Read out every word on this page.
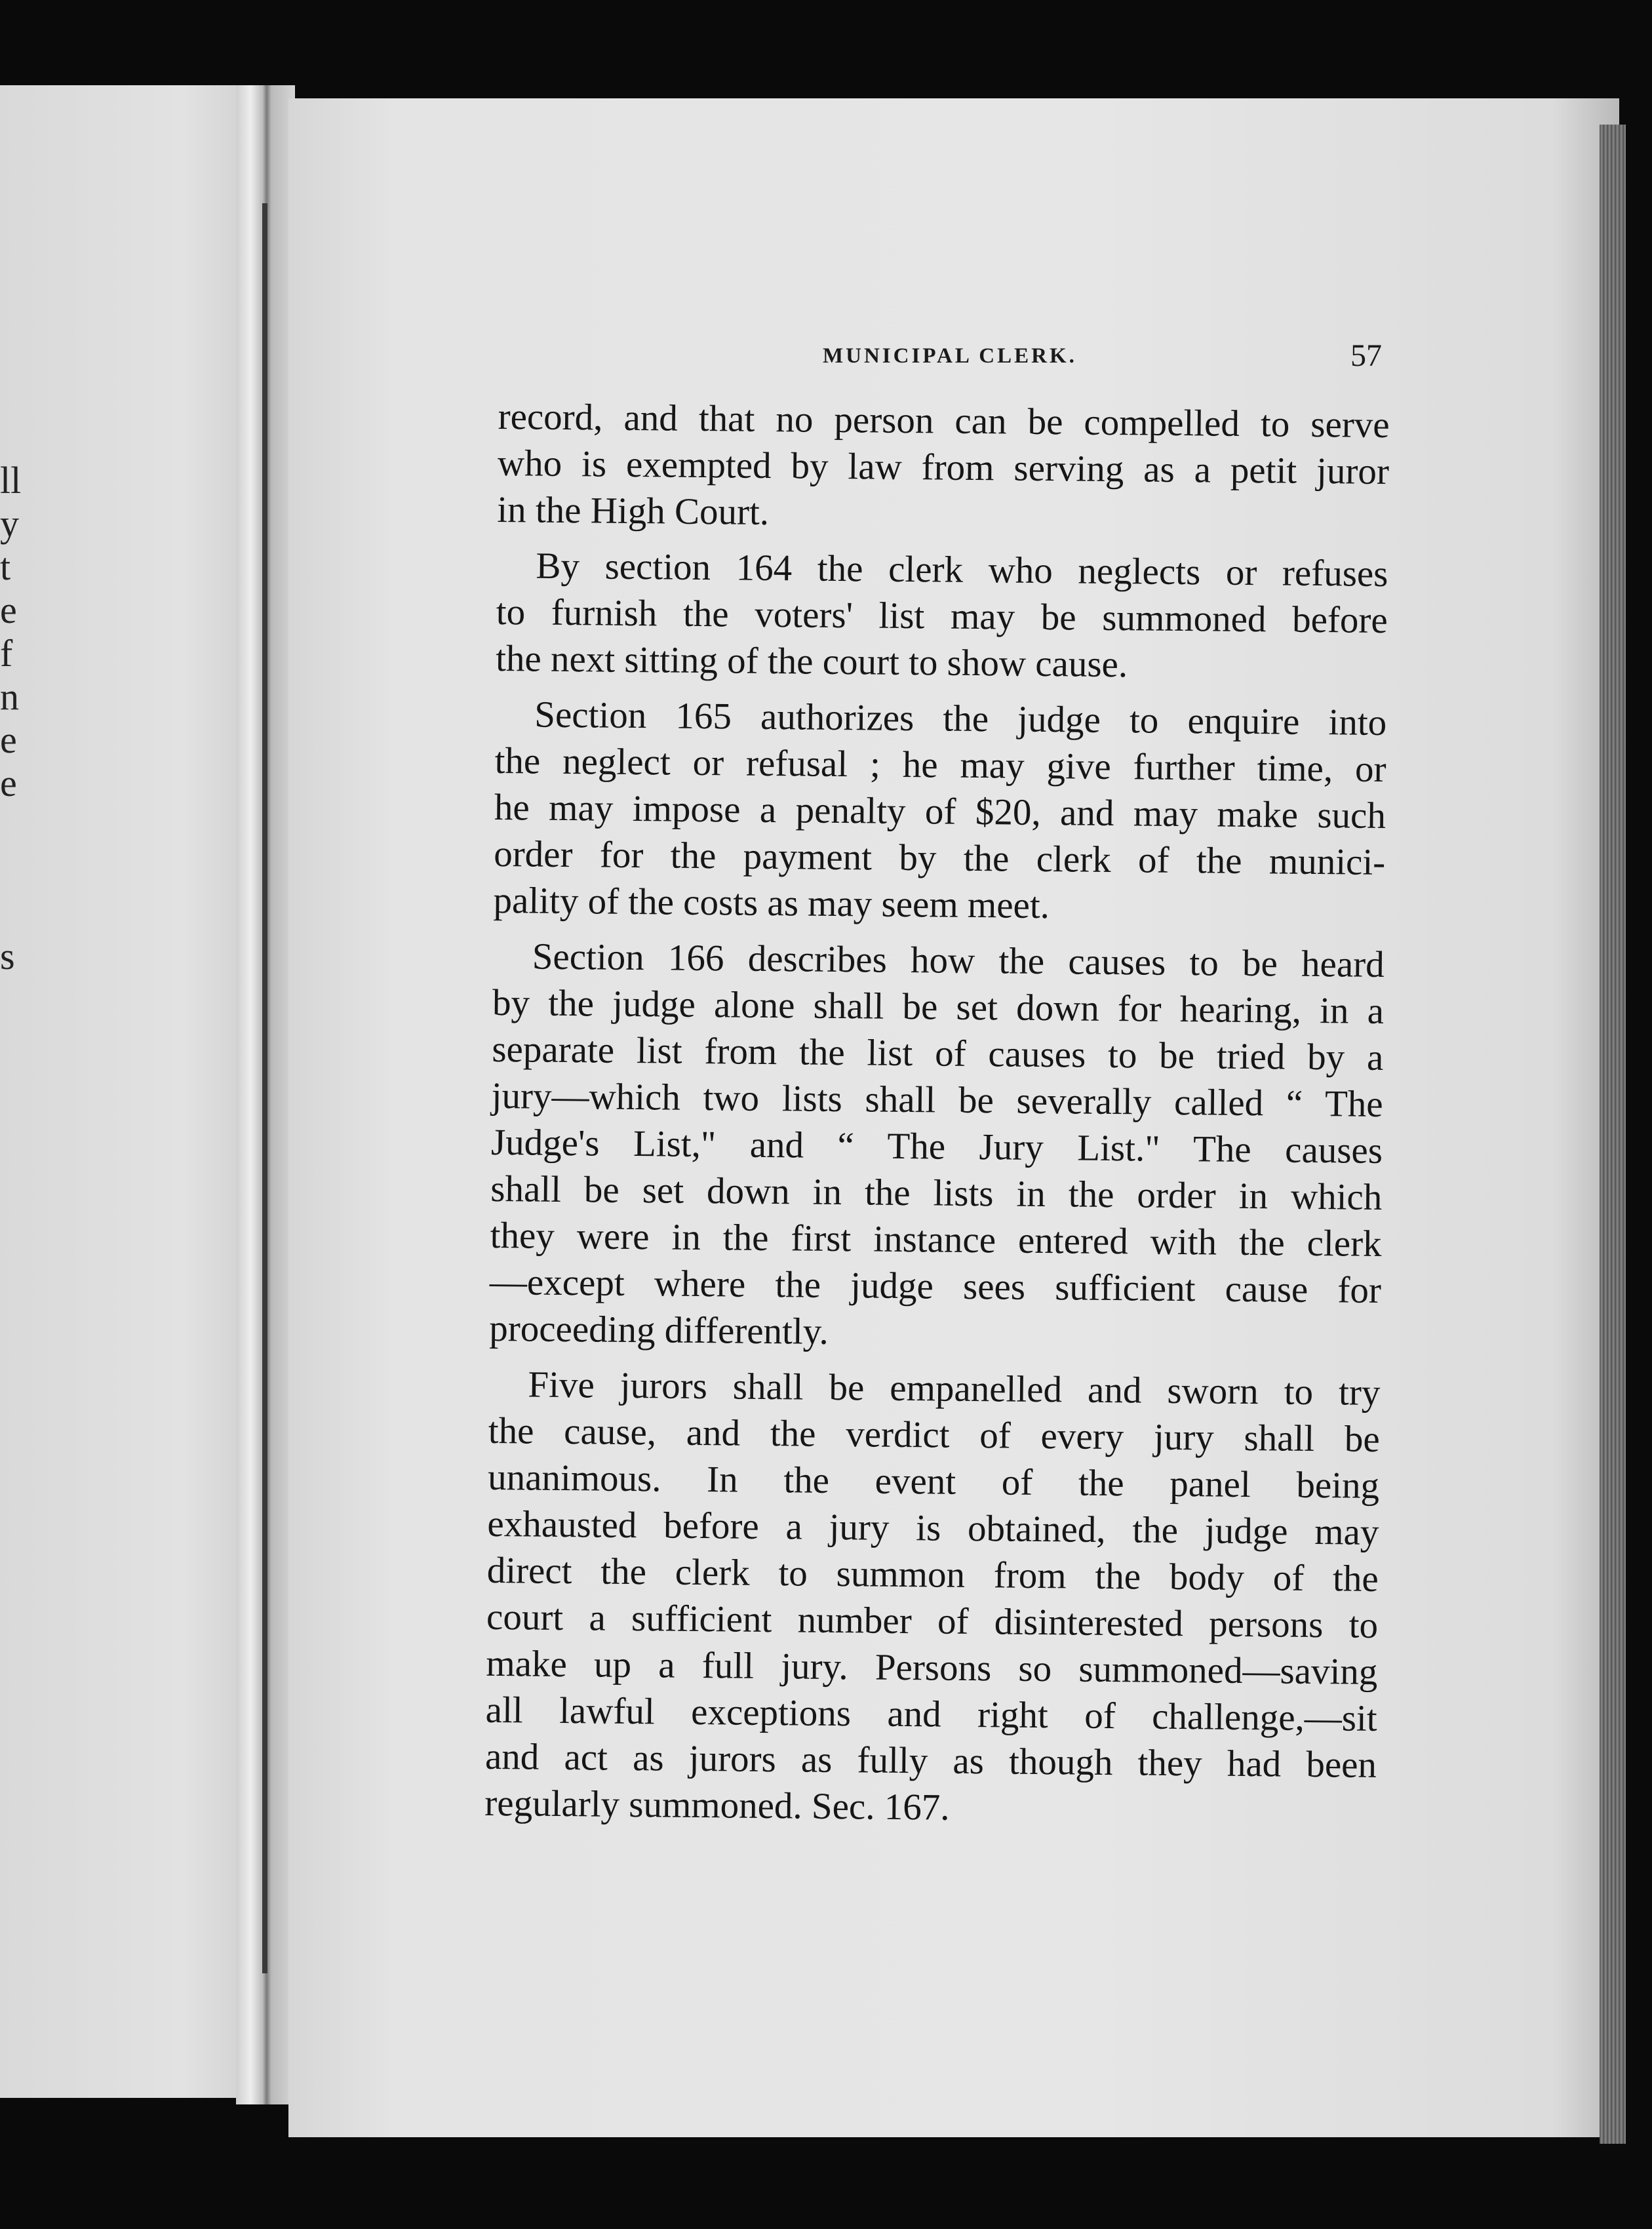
ll
y
t
e
f
n
e
e

s

MUNICIPAL CLERK.	57

record, and that no person can be compelled to serve
who is exempted by law from serving as a petit juror
in the High Court.

By section 164 the clerk who neglects or refuses
to furnish the voters' list may be summoned before
the next sitting of the court to show cause.

Section 165 authorizes the judge to enquire into
the neglect or refusal ; he may give further time, or
he may impose a penalty of $20, and may make such
order for the payment by the clerk of the munici-
pality of the costs as may seem meet.

Section 166 describes how the causes to be heard
by the judge alone shall be set down for hearing, in a
separate list from the list of causes to be tried by a
jury—which two lists shall be severally called “ The
Judge's List," and “ The Jury List." The causes
shall be set down in the lists in the order in which
they were in the first instance entered with the clerk
—except where the judge sees sufficient cause for
proceeding differently.

Five jurors shall be empanelled and sworn to try
the cause, and the verdict of every jury shall be
unanimous. In the event of the panel being
exhausted before a jury is obtained, the judge may
direct the clerk to summon from the body of the
court a sufficient number of disinterested persons to
make up a full jury. Persons so summoned—saving
all lawful exceptions and right of challenge,—sit
and act as jurors as fully as though they had been
regularly summoned. Sec. 167.
